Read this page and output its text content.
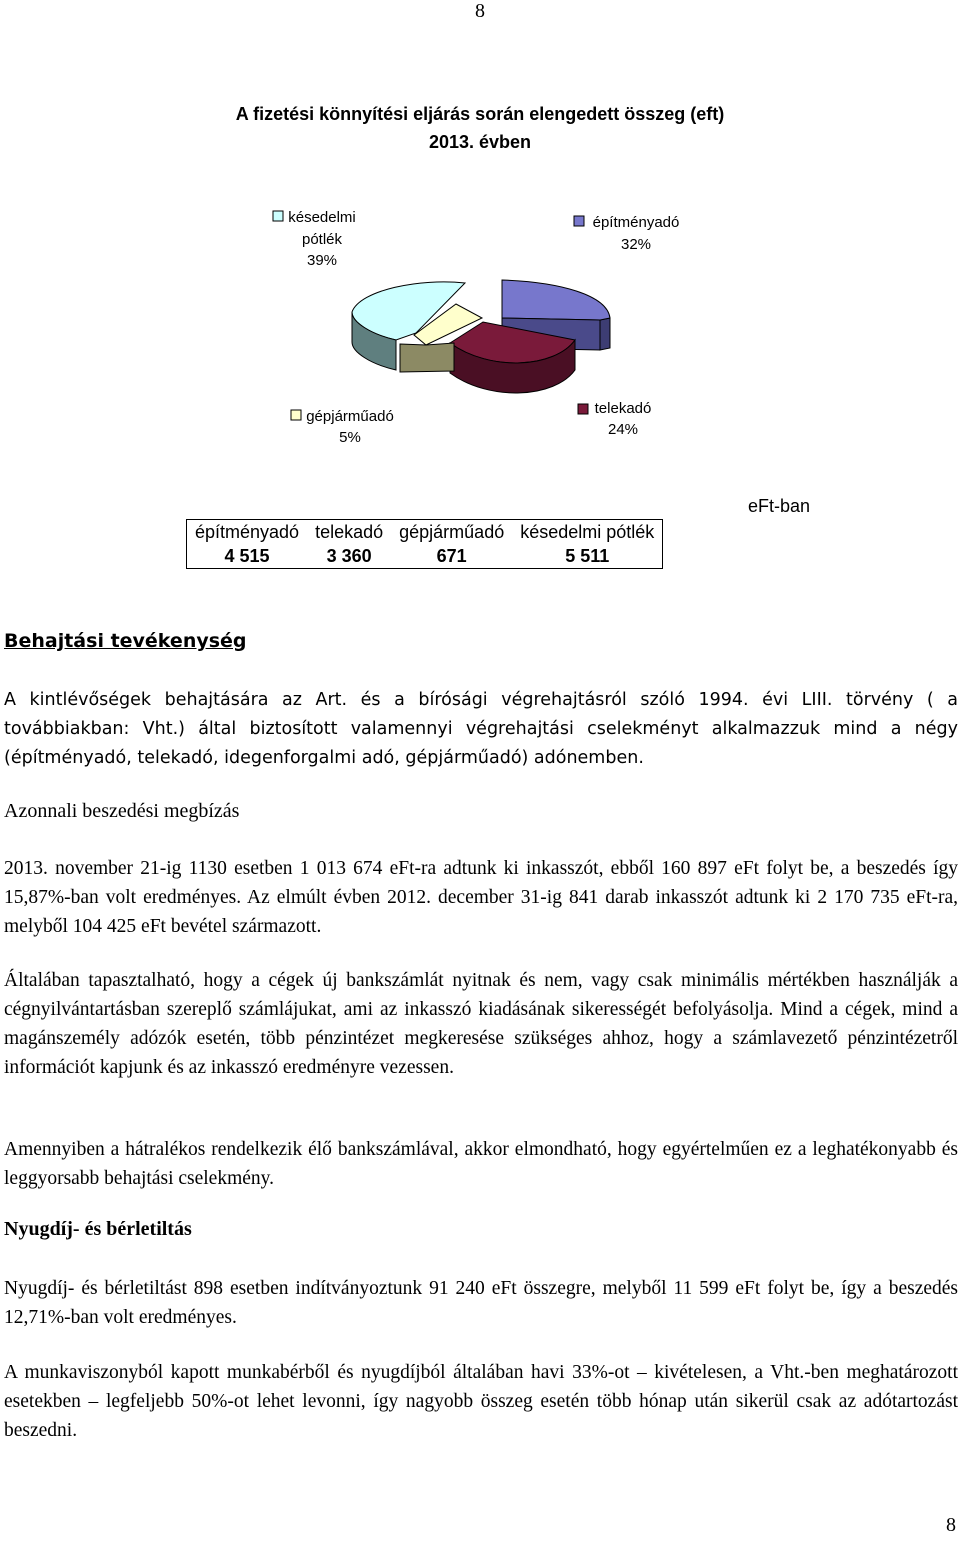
8
A fizetési könnyítési eljárás során elengedett összeg (eft)
2013. évben
késedelmi
pótlék
39%
építményadó
32%
gépjárműadó
5%
telekadó
24%
eFt-ban
építményadó	telekadó	gépjárműadó	késedelmi pótlék
4 515	3 360	671	5 511
Behajtási tevékenység
A kintlévőségek behajtására az Art. és a bírósági végrehajtásról szóló 1994. évi LIII. törvény ( a továbbiakban: Vht.) által biztosított valamennyi végrehajtási cselekményt alkalmazzuk mind a négy (építményadó, telekadó, idegenforgalmi adó, gépjárműadó) adónemben.
Azonnali beszedési megbízás
2013. november 21-ig 1130 esetben 1 013 674 eFt-ra adtunk ki inkasszót, ebből 160 897 eFt folyt be, a beszedés így 15,87%-ban volt eredményes. Az elmúlt évben 2012. december 31-ig 841 darab inkasszót adtunk ki 2 170 735 eFt-ra, melyből 104 425 eFt bevétel származott.
Általában tapasztalható, hogy a cégek új bankszámlát nyitnak és nem, vagy csak minimális mértékben használják a cégnyilvántartásban szereplő számlájukat, ami az inkasszó kiadásának sikerességét befolyásolja. Mind a cégek, mind a magánszemély adózók esetén, több pénzintézet megkeresése szükséges ahhoz, hogy a számlavezető pénzintézetről információt kapjunk és az inkasszó eredményre vezessen.
Amennyiben a hátralékos rendelkezik élő bankszámlával, akkor elmondható, hogy egyértelműen ez a leghatékonyabb és leggyorsabb behajtási cselekmény.
Nyugdíj- és bérletiltás
Nyugdíj- és bérletiltást 898 esetben indítványoztunk 91 240 eFt összegre, melyből 11 599 eFt folyt be, így a beszedés 12,71%-ban volt eredményes.
A munkaviszonyból kapott munkabérből és nyugdíjból általában havi 33%-ot – kivételesen, a Vht.-ben meghatározott esetekben – legfeljebb 50%-ot lehet levonni, így nagyobb összeg esetén több hónap után sikerül csak az adótartozást beszedni.
8
